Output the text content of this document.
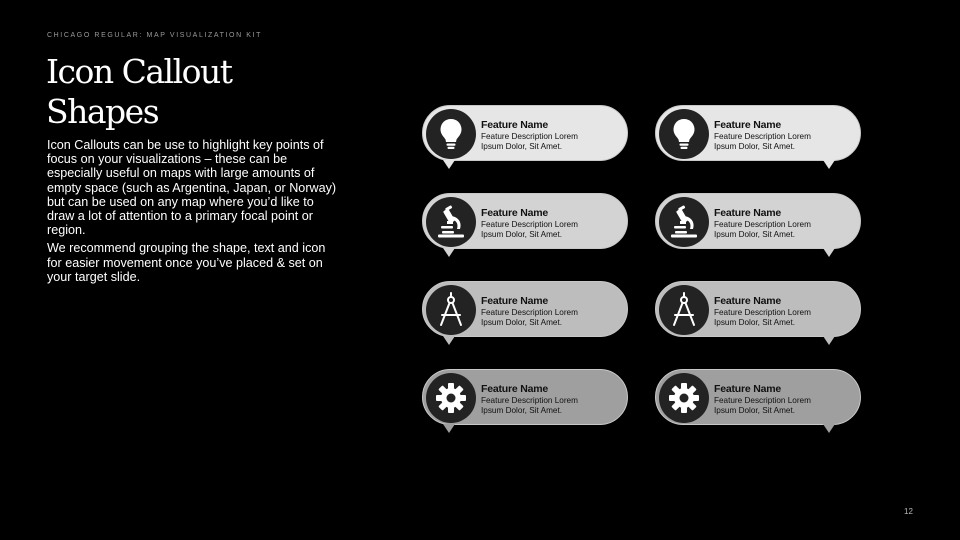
CHICAGO REGULAR: MAP VISUALIZATION KIT
Icon Callout
Shapes

Icon Callouts can be use to highlight key points of focus on your visualizations – these can be especially useful on maps with large amounts of empty space (such as Argentina, Japan, or Norway) but can be used on any map where you’d like to draw a lot of attention to a primary focal point or region.

We recommend grouping the shape, text and icon for easier movement once you’ve placed & set on your target slide.

Feature Name
Feature Description Lorem
Ipsum Dolor, Sit Amet.
Feature Name
Feature Description Lorem
Ipsum Dolor, Sit Amet.
Feature Name
Feature Description Lorem
Ipsum Dolor, Sit Amet.
Feature Name
Feature Description Lorem
Ipsum Dolor, Sit Amet.
Feature Name
Feature Description Lorem
Ipsum Dolor, Sit Amet.
Feature Name
Feature Description Lorem
Ipsum Dolor, Sit Amet.
Feature Name
Feature Description Lorem
Ipsum Dolor, Sit Amet.
Feature Name
Feature Description Lorem
Ipsum Dolor, Sit Amet.
12
